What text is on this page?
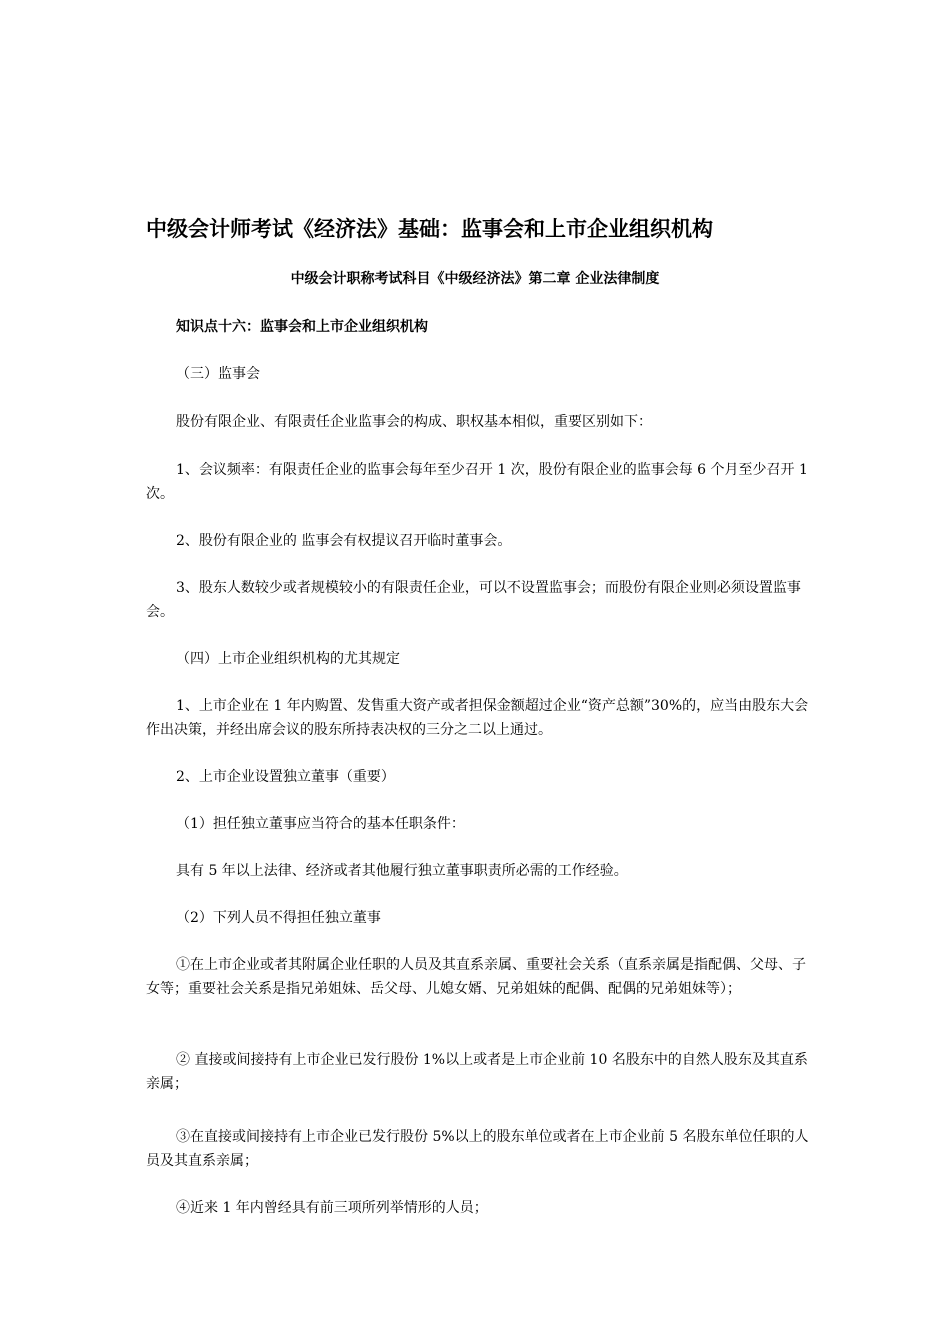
中级会计师考试《经济法》基础：监事会和上市企业组织机构
中级会计职称考试科目《中级经济法》第二章 企业法律制度
知识点十六：监事会和上市企业组织机构
（三）监事会
股份有限企业、有限责任企业监事会的构成、职权基本相似，重要区别如下：
1、会议频率：有限责任企业的监事会每年至少召开 1 次，股份有限企业的监事会每 6 个月至少召开 1 次。
2、股份有限企业的 监事会有权提议召开临时董事会。
3、股东人数较少或者规模较小的有限责任企业，可以不设置监事会；而股份有限企业则必须设置监事会。
（四）上市企业组织机构的尤其规定
1、上市企业在 1 年内购置、发售重大资产或者担保金额超过企业“资产总额”30%的，应当由股东大会作出决策，并经出席会议的股东所持表决权的三分之二以上通过。
2、上市企业设置独立董事（重要）
（1）担任独立董事应当符合的基本任职条件：
具有 5 年以上法律、经济或者其他履行独立董事职责所必需的工作经验。
（2）下列人员不得担任独立董事
①在上市企业或者其附属企业任职的人员及其直系亲属、重要社会关系（直系亲属是指配偶、父母、子女等；重要社会关系是指兄弟姐妹、岳父母、儿媳女婿、兄弟姐妹的配偶、配偶的兄弟姐妹等）；
② 直接或间接持有上市企业已发行股份 1%以上或者是上市企业前 10 名股东中的自然人股东及其直系亲属；
③在直接或间接持有上市企业已发行股份 5%以上的股东单位或者在上市企业前 5 名股东单位任职的人员及其直系亲属；
④近来 1 年内曾经具有前三项所列举情形的人员；
